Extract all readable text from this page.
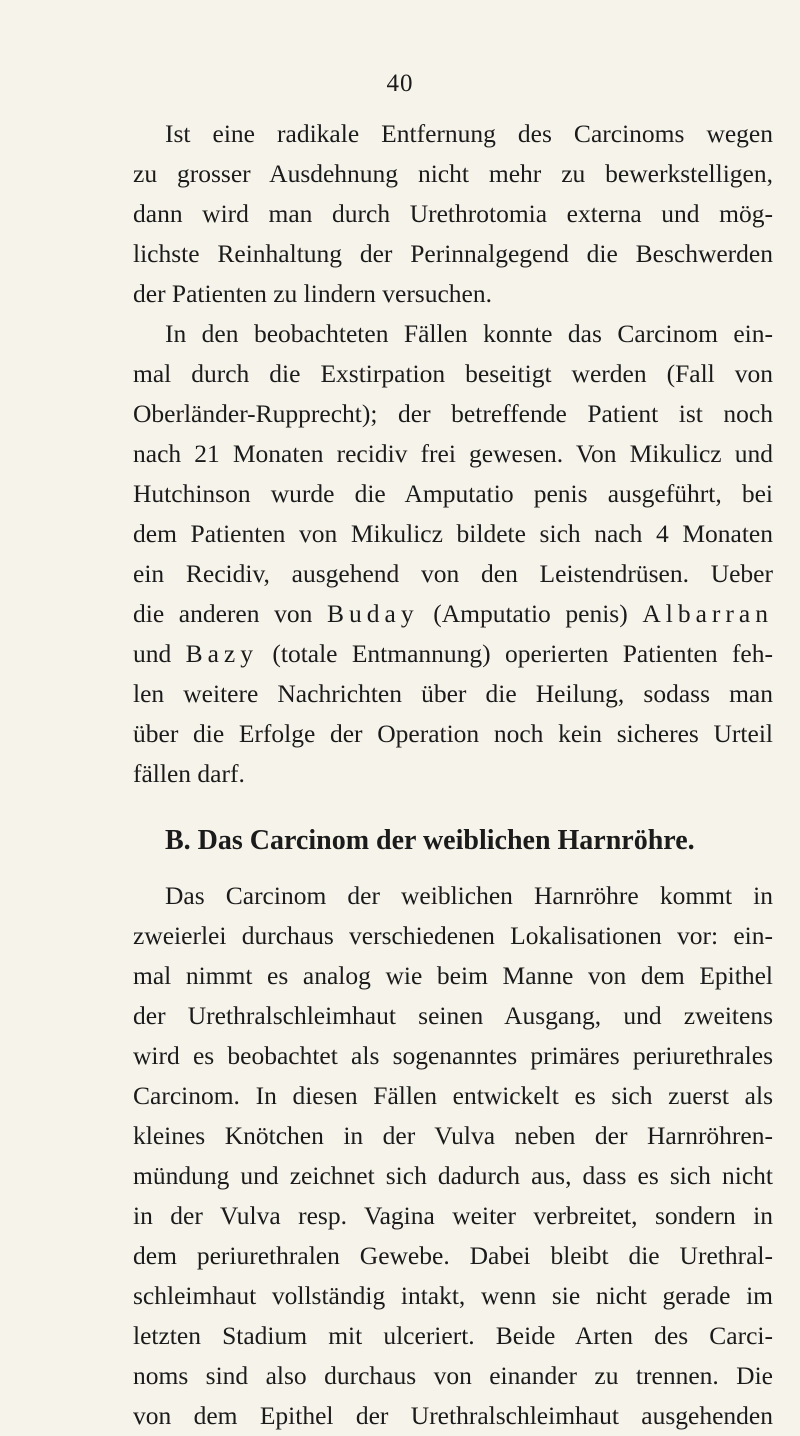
40
Ist eine radikale Entfernung des Carcinoms wegen
zu grosser Ausdehnung nicht mehr zu bewerkstelligen,
dann wird man durch Urethrotomia externa und mög-
lichste Reinhaltung der Perinnalgegend die Beschwerden
der Patienten zu lindern versuchen.
In den beobachteten Fällen konnte das Carcinom ein-
mal durch die Exstirpation beseitigt werden (Fall von
Oberländer-Rupprecht); der betreffende Patient ist noch
nach 21 Monaten recidiv frei gewesen. Von Mikulicz und
Hutchinson wurde die Amputatio penis ausgeführt, bei
dem Patienten von Mikulicz bildete sich nach 4 Monaten
ein Recidiv, ausgehend von den Leistendrüsen. Ueber
die anderen von Buday (Amputatio penis) Albarran
und Bazy (totale Entmannung) operierten Patienten feh-
len weitere Nachrichten über die Heilung, sodass man
über die Erfolge der Operation noch kein sicheres Urteil
fällen darf.
B. Das Carcinom der weiblichen Harnröhre.
Das Carcinom der weiblichen Harnröhre kommt in
zweierlei durchaus verschiedenen Lokalisationen vor: ein-
mal nimmt es analog wie beim Manne von dem Epithel
der Urethralschleimhaut seinen Ausgang, und zweitens
wird es beobachtet als sogenanntes primäres periurethrales
Carcinom. In diesen Fällen entwickelt es sich zuerst als
kleines Knötchen in der Vulva neben der Harnröhren-
mündung und zeichnet sich dadurch aus, dass es sich nicht
in der Vulva resp. Vagina weiter verbreitet, sondern in
dem periurethralen Gewebe. Dabei bleibt die Urethral-
schleimhaut vollständig intakt, wenn sie nicht gerade im
letzten Stadium mit ulceriert. Beide Arten des Carci-
noms sind also durchaus von einander zu trennen. Die
von dem Epithel der Urethralschleimhaut ausgehenden
